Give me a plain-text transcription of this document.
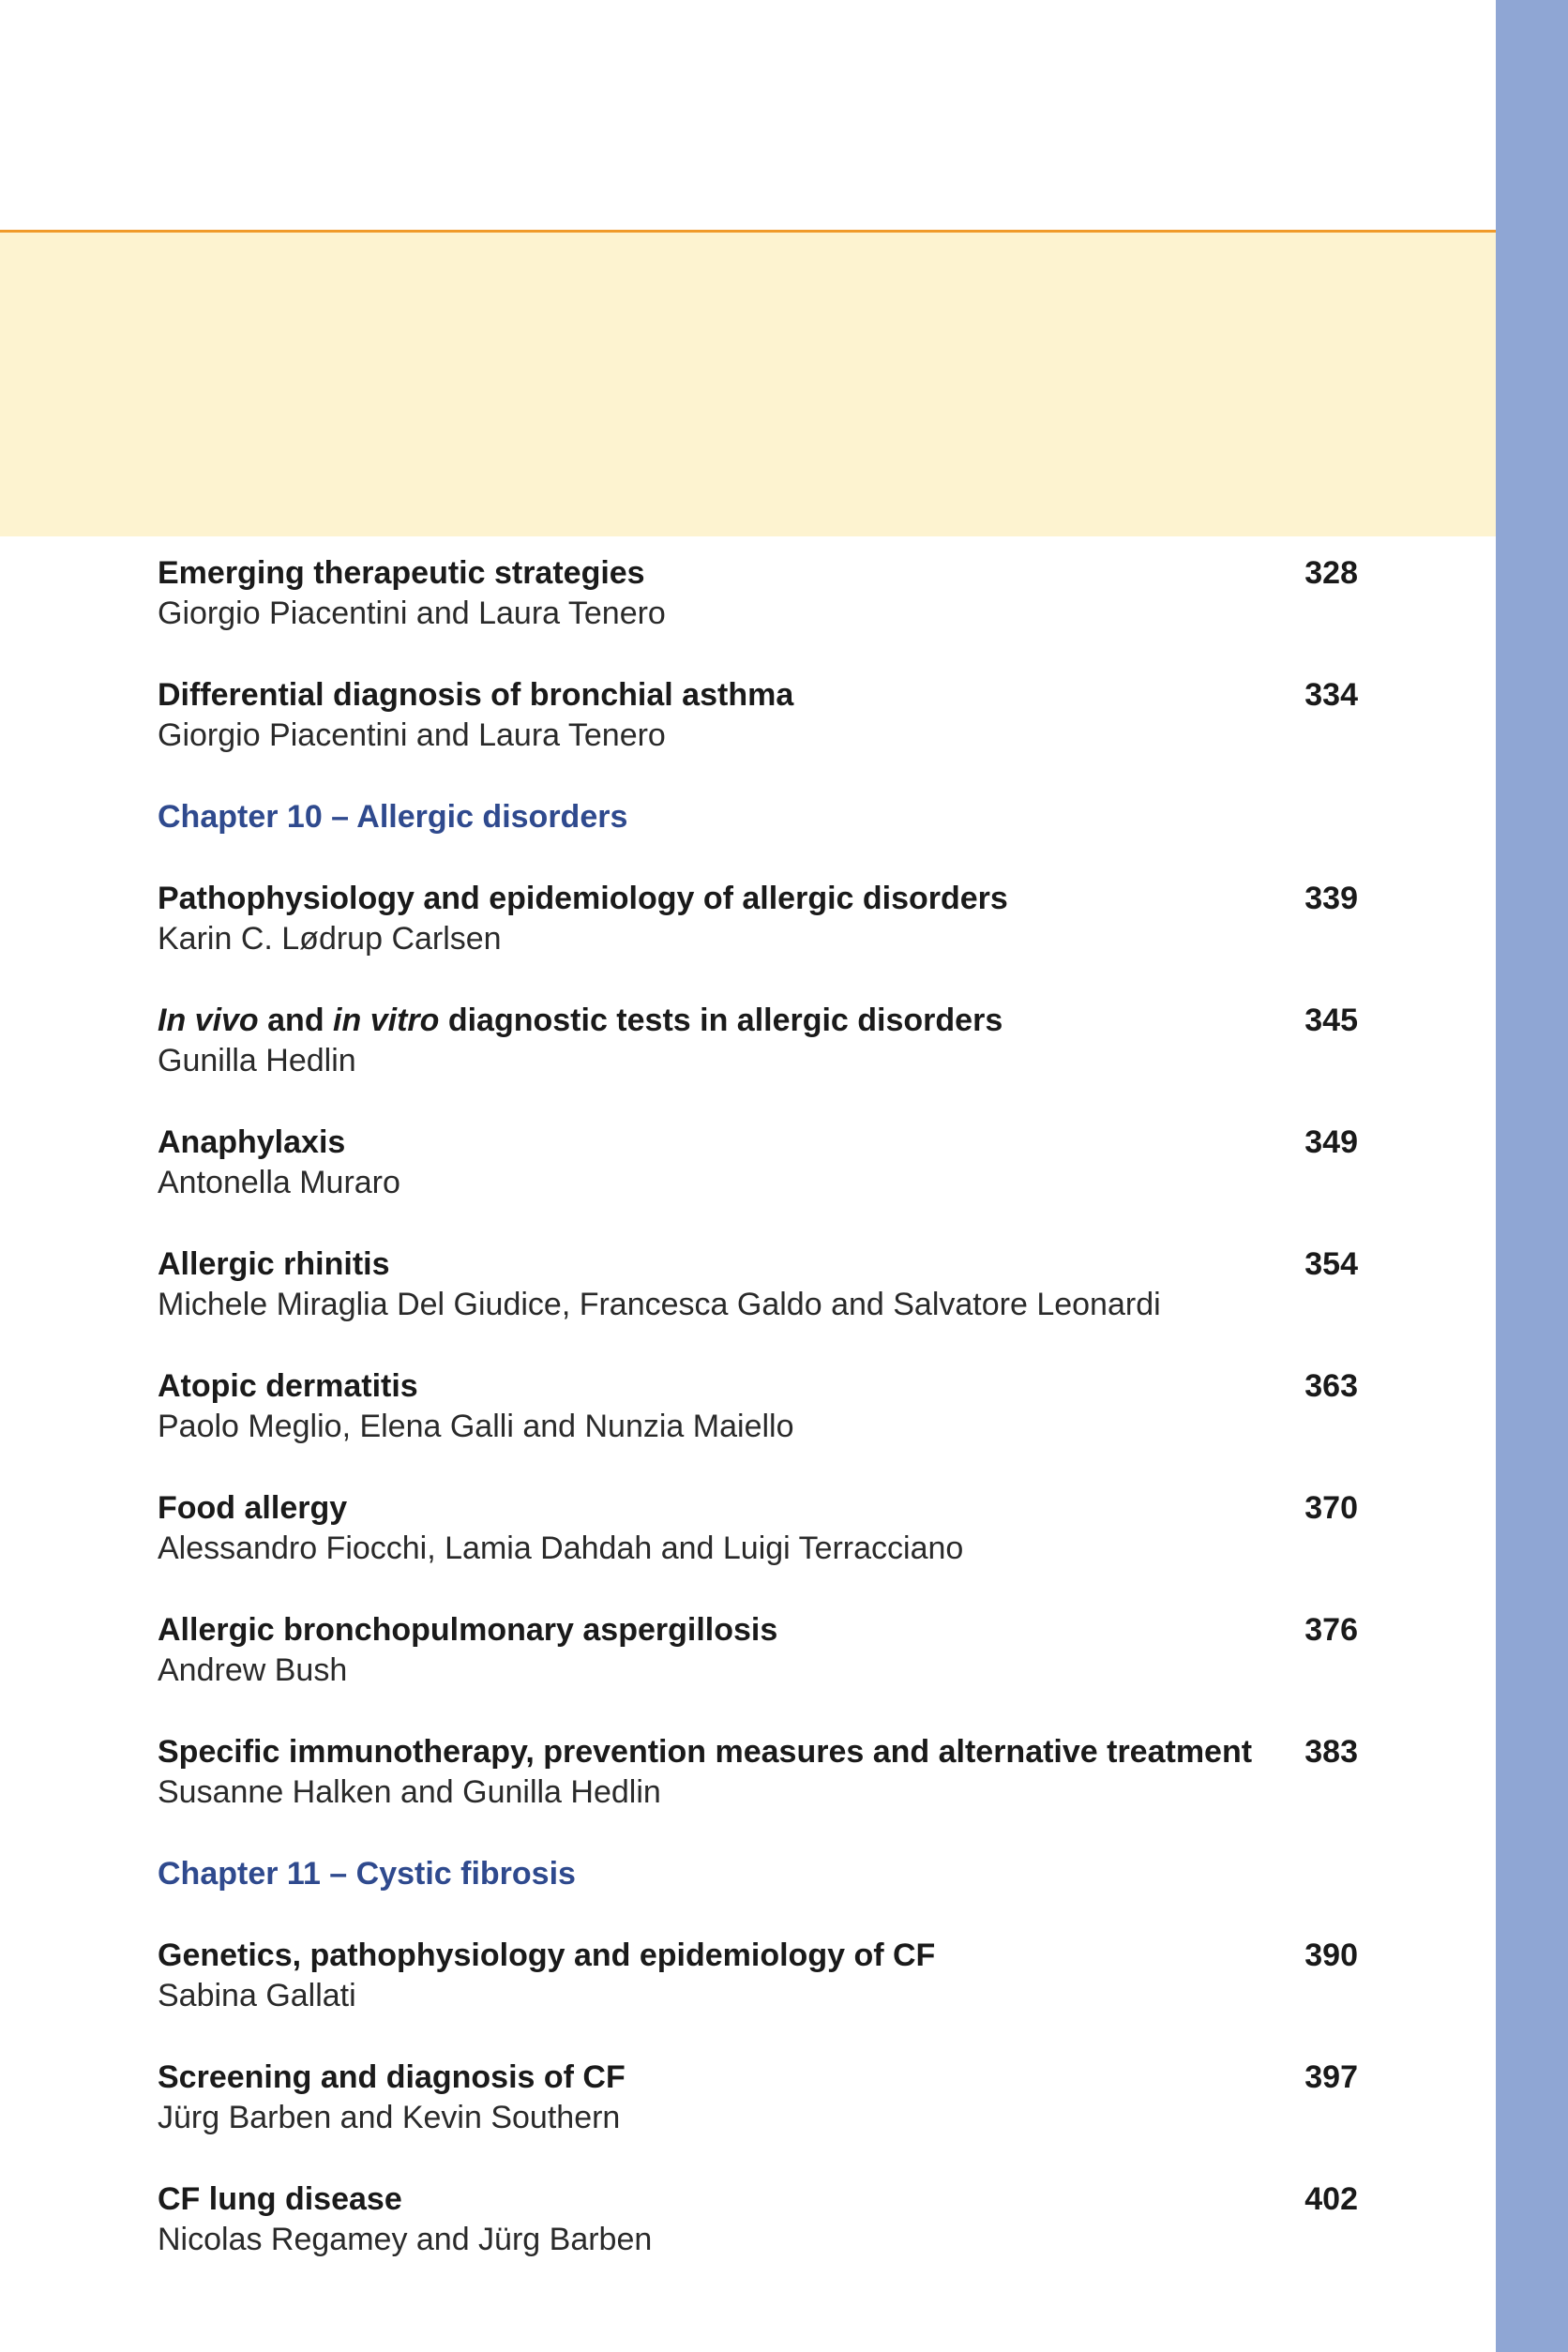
Emerging therapeutic strategies	328
Giorgio Piacentini and Laura Tenero
Differential diagnosis of bronchial asthma	334
Giorgio Piacentini and Laura Tenero
Chapter 10 – Allergic disorders
Pathophysiology and epidemiology of allergic disorders	339
Karin C. Lødrup Carlsen
In vivo and in vitro diagnostic tests in allergic disorders	345
Gunilla Hedlin
Anaphylaxis	349
Antonella Muraro
Allergic rhinitis	354
Michele Miraglia Del Giudice, Francesca Galdo and Salvatore Leonardi
Atopic dermatitis	363
Paolo Meglio, Elena Galli and Nunzia Maiello
Food allergy	370
Alessandro Fiocchi, Lamia Dahdah and Luigi Terracciano
Allergic bronchopulmonary aspergillosis	376
Andrew Bush
Specific immunotherapy, prevention measures and alternative treatment	383
Susanne Halken and Gunilla Hedlin
Chapter 11 – Cystic fibrosis
Genetics, pathophysiology and epidemiology of CF	390
Sabina Gallati
Screening and diagnosis of CF	397
Jürg Barben and Kevin Southern
CF lung disease	402
Nicolas Regamey and Jürg Barben
